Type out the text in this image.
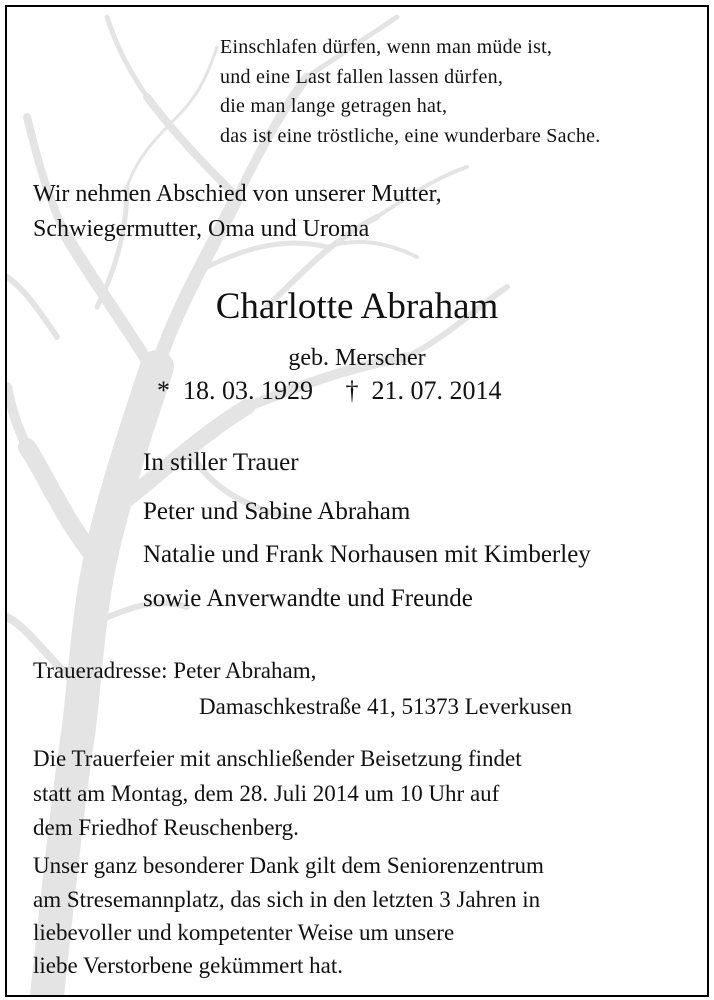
Einschlafen dürfen, wenn man müde ist,
und eine Last fallen lassen dürfen,
die man lange getragen hat,
das ist eine tröstliche, eine wunderbare Sache.
Wir nehmen Abschied von unserer Mutter,
Schwiegermutter, Oma und Uroma
Charlotte Abraham
geb. Merscher
* 18. 03. 1929 † 21. 07. 2014
In stiller Trauer
Peter und Sabine Abraham
Natalie und Frank Norhausen mit Kimberley
sowie Anverwandte und Freunde
Traueradresse: Peter Abraham,
Damaschkestraße 41, 51373 Leverkusen
Die Trauerfeier mit anschließender Beisetzung findet
statt am Montag, dem 28. Juli 2014 um 10 Uhr auf
dem Friedhof Reuschenberg.
Unser ganz besonderer Dank gilt dem Seniorenzentrum
am Stresemannplatz, das sich in den letzten 3 Jahren in
liebevoller und kompetenter Weise um unsere
liebe Verstorbene gekümmert hat.
